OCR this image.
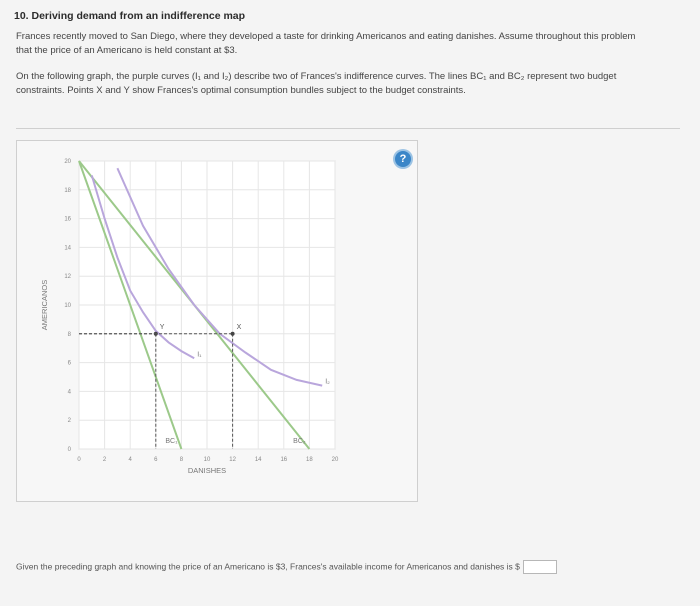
10. Deriving demand from an indifference map
Frances recently moved to San Diego, where they developed a taste for drinking Americanos and eating danishes. Assume throughout this problem
that the price of an Americano is held constant at $3.
On the following graph, the purple curves (I₁ and I₂) describe two of Frances's indifference curves. The lines BC₁ and BC₂ represent two budget
constraints. Points X and Y show Frances's optimal consumption bundles subject to the budget constraints.
0	2	4	6	8	10	12	14	16	18	20
0
2
4
6
8
10
12
14
16
18
20
DANISHES
AMERICANOS
BC₁	BC₂
I₁
I₂
Y	X
?
Given the preceding graph and knowing the price of an Americano is $3, Frances's available income for Americanos and danishes is $
